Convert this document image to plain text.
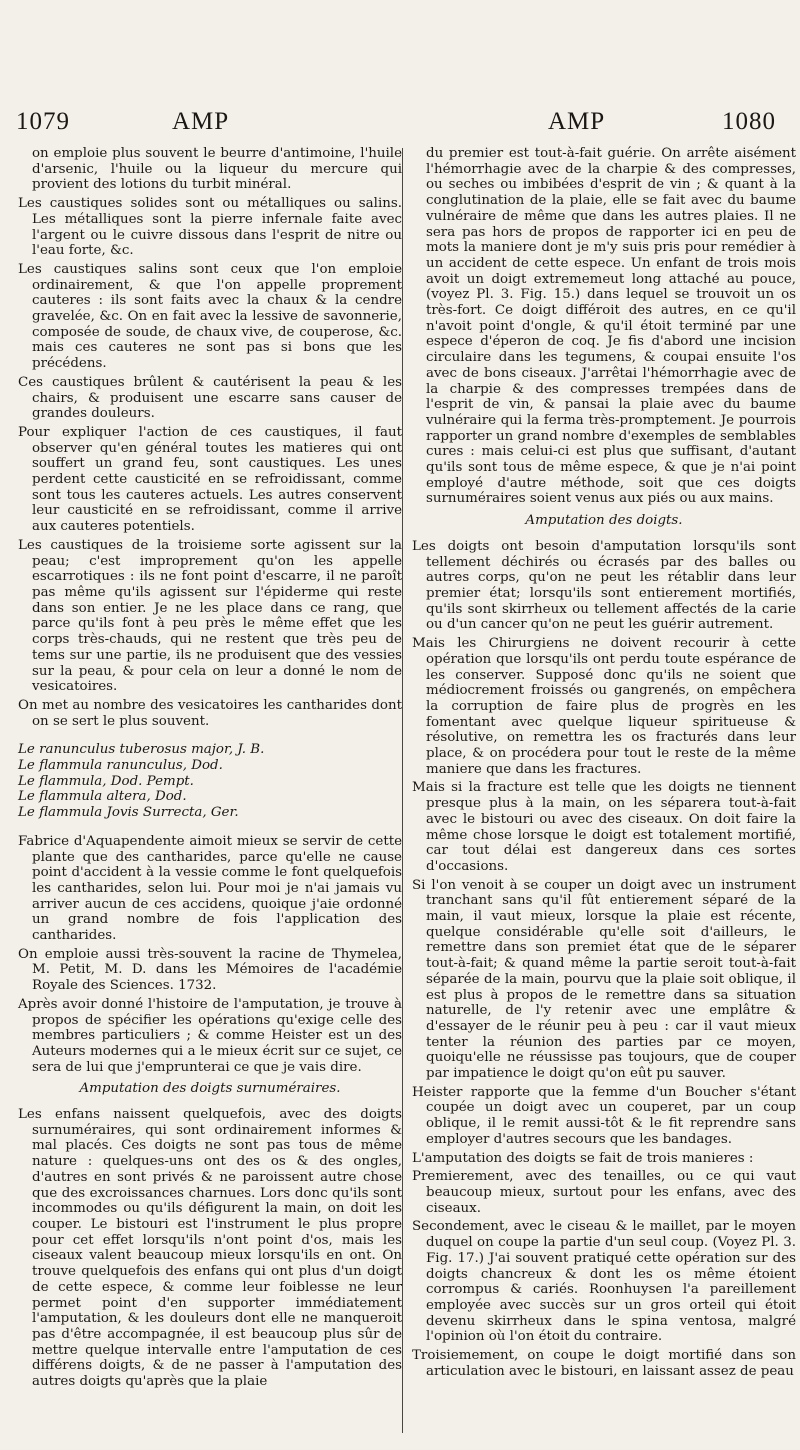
1079	AMP	AMP	1080

on emploie plus souvent le beurre d'antimoine, l'huile d'arsenic, l'huile ou la liqueur du mercure qui provient des lotions du turbit minéral.

Les caustiques solides sont ou métalliques ou salins. Les métalliques sont la pierre infernale faite avec l'argent ou le cuivre dissous dans l'esprit de nitre ou l'eau forte, &c.

Les caustiques salins sont ceux que l'on emploie ordinairement, & que l'on appelle proprement cauteres : ils sont faits avec la chaux & la cendre gravelée, &c. On en fait avec la lessive de savonnerie, composée de soude, de chaux vive, de couperose, &c. mais ces cauteres ne sont pas si bons que les précédens.

Ces caustiques brûlent & cautérisent la peau & les chairs, & produisent une escarre sans causer de grandes douleurs.

Pour expliquer l'action de ces caustiques, il faut observer qu'en général toutes les matieres qui ont souffert un grand feu, sont caustiques. Les unes perdent cette causticité en se refroidissant, comme sont tous les cauteres actuels. Les autres conservent leur causticité en se refroidissant, comme il arrive aux cauteres potentiels.

Les caustiques de la troisieme sorte agissent sur la peau; c'est improprement qu'on les appelle escarrotiques : ils ne font point d'escarre, il ne paroît pas même qu'ils agissent sur l'épiderme qui reste dans son entier. Je ne les place dans ce rang, que parce qu'ils font à peu près le même effet que les corps très-chauds, qui ne restent que très peu de tems sur une partie, ils ne produisent que des vessies sur la peau, & pour cela on leur a donné le nom de vesicatoires.

On met au nombre des vesicatoires les cantharides dont on se sert le plus souvent.

Le ranunculus tuberosus major, J. B.

Le flammula ranunculus, Dod.

Le flammula, Dod. Pempt.

Le flammula altera, Dod.

Le flammula Jovis Surrecta, Ger.

Fabrice d'Aquapendente aimoit mieux se servir de cette plante que des cantharides, parce qu'elle ne cause point d'accident à la vessie comme le font quelquefois les cantharides, selon lui. Pour moi je n'ai jamais vu arriver aucun de ces accidens, quoique j'aie ordonné un grand nombre de fois l'application des cantharides.

On emploie aussi très-souvent la racine de Thymelea, M. Petit, M. D. dans les Mémoires de l'académie Royale des Sciences. 1732.

Après avoir donné l'histoire de l'amputation, je trouve à propos de spécifier les opérations qu'exige celle des membres particuliers ; & comme Heister est un des Auteurs modernes qui a le mieux écrit sur ce sujet, ce sera de lui que j'emprunterai ce que je vais dire.

Amputation des doigts surnuméraires.

Les enfans naissent quelquefois, avec des doigts surnuméraires, qui sont ordinairement informes & mal placés. Ces doigts ne sont pas tous de même nature : quelques-uns ont des os & des ongles, d'autres en sont privés & ne paroissent autre chose que des excroissances charnues. Lors donc qu'ils sont incommodes ou qu'ils défigurent la main, on doit les couper. Le bistouri est l'instrument le plus propre pour cet effet lorsqu'ils n'ont point d'os, mais les ciseaux valent beaucoup mieux lorsqu'ils en ont. On trouve quelquefois des enfans qui ont plus d'un doigt de cette espece, & comme leur foiblesse ne leur permet point d'en supporter immédiatement l'amputation, & les douleurs dont elle ne manqueroit pas d'être accompagnée, il est beaucoup plus sûr de mettre quelque intervalle entre l'amputation de ces différens doigts, & de ne passer à l'amputation des autres doigts qu'après que la plaie

du premier est tout-à-fait guérie. On arrête aisément l'hémorrhagie avec de la charpie & des compresses, ou seches ou imbibées d'esprit de vin ; & quant à la conglutination de la plaie, elle se fait avec du baume vulnéraire de même que dans les autres plaies. Il ne sera pas hors de propos de rapporter ici en peu de mots la maniere dont je m'y suis pris pour remédier à un accident de cette espece. Un enfant de trois mois avoit un doigt extrememeut long attaché au pouce, (voyez Pl. 3. Fig. 15.) dans lequel se trouvoit un os très-fort. Ce doigt différoit des autres, en ce qu'il n'avoit point d'ongle, & qu'il étoit terminé par une espece d'éperon de coq. Je fis d'abord une incision circulaire dans les tegumens, & coupai ensuite l'os avec de bons ciseaux. J'arrêtai l'hémorrhagie avec de la charpie & des compresses trempées dans de l'esprit de vin, & pansai la plaie avec du baume vulnéraire qui la ferma très-promptement. Je pourrois rapporter un grand nombre d'exemples de semblables cures : mais celui-ci est plus que suffisant, d'autant qu'ils sont tous de même espece, & que je n'ai point employé d'autre méthode, soit que ces doigts surnuméraires soient venus aux piés ou aux mains.

Amputation des doigts.

Les doigts ont besoin d'amputation lorsqu'ils sont tellement déchirés ou écrasés par des balles ou autres corps, qu'on ne peut les rétablir dans leur premier état; lorsqu'ils sont entierement mortifiés, qu'ils sont skirrheux ou tellement affectés de la carie ou d'un cancer qu'on ne peut les guérir autrement.

Mais les Chirurgiens ne doivent recourir à cette opération que lorsqu'ils ont perdu toute espérance de les conserver. Supposé donc qu'ils ne soient que médiocrement froissés ou gangrenés, on empêchera la corruption de faire plus de progrès en les fomentant avec quelque liqueur spiritueuse & résolutive, on remettra les os fracturés dans leur place, & on procédera pour tout le reste de la même maniere que dans les fractures.

Mais si la fracture est telle que les doigts ne tiennent presque plus à la main, on les séparera tout-à-fait avec le bistouri ou avec des ciseaux. On doit faire la même chose lorsque le doigt est totalement mortifié, car tout délai est dangereux dans ces sortes d'occasions.

Si l'on venoit à se couper un doigt avec un instrument tranchant sans qu'il fût entierement séparé de la main, il vaut mieux, lorsque la plaie est récente, quelque considérable qu'elle soit d'ailleurs, le remettre dans son premiet état que de le séparer tout-à-fait; & quand même la partie seroit tout-à-fait séparée de la main, pourvu que la plaie soit oblique, il est plus à propos de le remettre dans sa situation naturelle, de l'y retenir avec une emplâtre & d'essayer de le réunir peu à peu : car il vaut mieux tenter la réunion des parties par ce moyen, quoiqu'elle ne réussisse pas toujours, que de couper par impatience le doigt qu'on eût pu sauver.

Heister rapporte que la femme d'un Boucher s'étant coupée un doigt avec un couperet, par un coup oblique, il le remit aussi-tôt & le fit reprendre sans employer d'autres secours que les bandages.

L'amputation des doigts se fait de trois manieres :

Premierement, avec des tenailles, ou ce qui vaut beaucoup mieux, surtout pour les enfans, avec des ciseaux.

Secondement, avec le ciseau & le maillet, par le moyen duquel on coupe la partie d'un seul coup. (Voyez Pl. 3. Fig. 17.) J'ai souvent pratiqué cette opération sur des doigts chancreux & dont les os même étoient corrompus & cariés. Roonhuysen l'a pareillement employée avec succès sur un gros orteil qui étoit devenu skirrheux dans le spina ventosa, malgré l'opinion où l'on étoit du contraire.

Troisiemement, on coupe le doigt mortifié dans son articulation avec le bistouri, en laissant assez de peau
